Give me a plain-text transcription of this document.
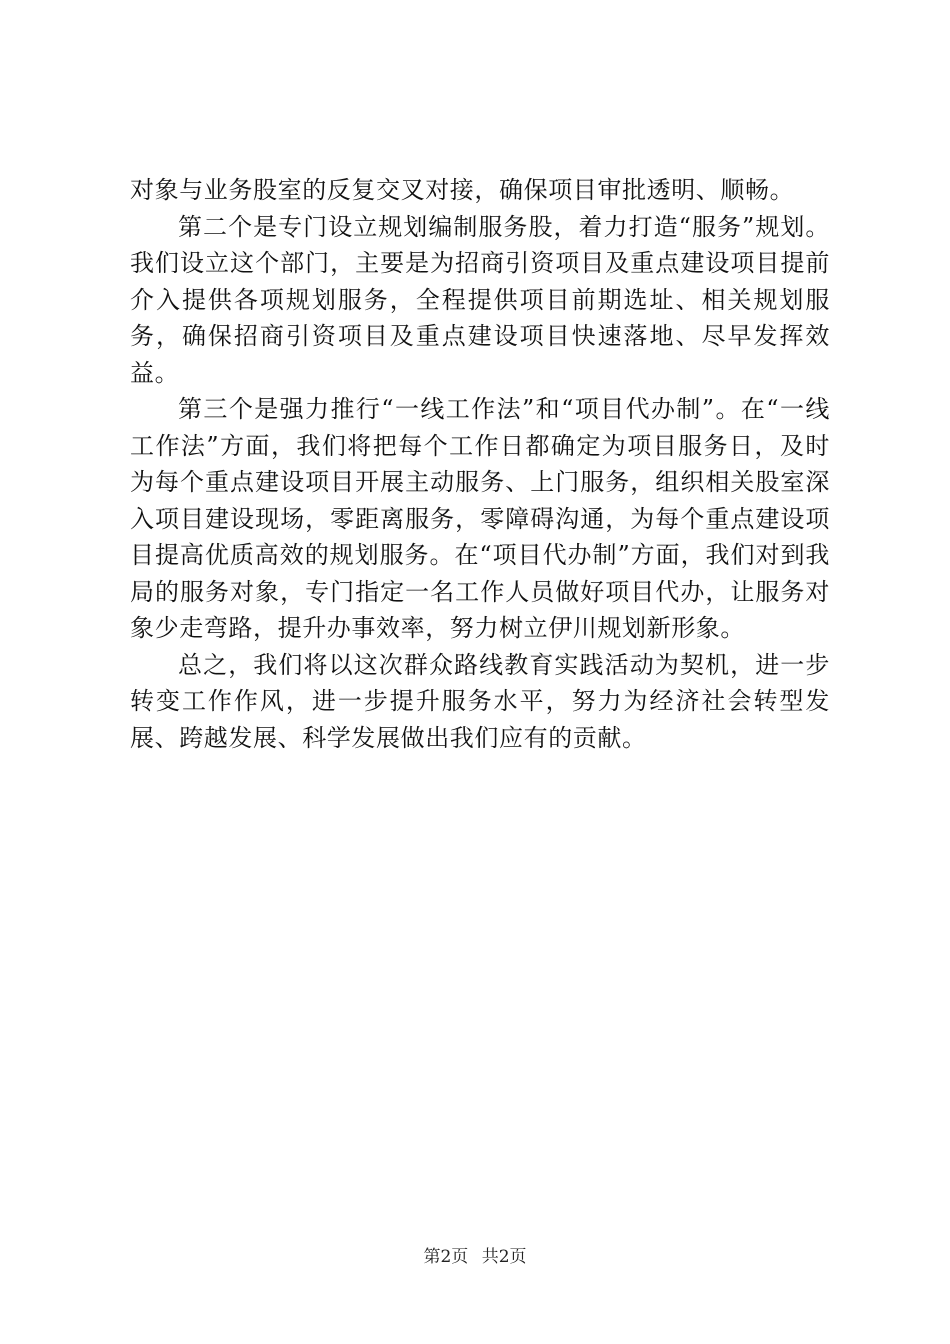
对象与业务股室的反复交叉对接，确保项目审批透明、顺畅。

第二个是专门设立规划编制服务股，着力打造“服务”规划。我们设立这个部门，主要是为招商引资项目及重点建设项目提前介入提供各项规划服务，全程提供项目前期选址、相关规划服务，确保招商引资项目及重点建设项目快速落地、尽早发挥效益。

第三个是强力推行“一线工作法”和“项目代办制”。在“一线工作法”方面，我们将把每个工作日都确定为项目服务日，及时为每个重点建设项目开展主动服务、上门服务，组织相关股室深入项目建设现场，零距离服务，零障碍沟通，为每个重点建设项目提高优质高效的规划服务。在“项目代办制”方面，我们对到我局的服务对象，专门指定一名工作人员做好项目代办，让服务对象少走弯路，提升办事效率，努力树立伊川规划新形象。

总之，我们将以这次群众路线教育实践活动为契机，进一步转变工作作风，进一步提升服务水平，努力为经济社会转型发展、跨越发展、科学发展做出我们应有的贡献。

第2页 共2页
